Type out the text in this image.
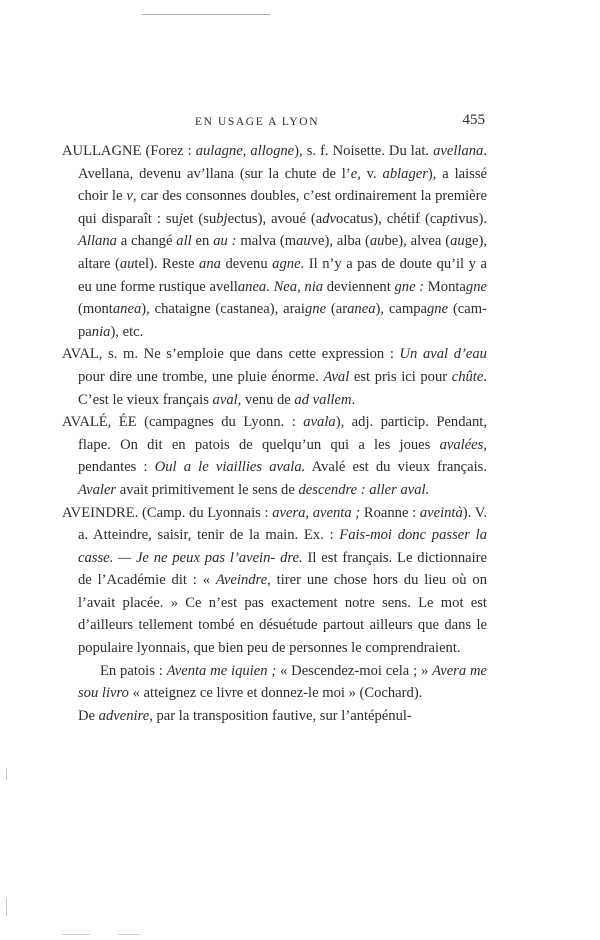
EN USAGE A LYON	455

AULLAGNE (Forez : aulagne, allogne), s. f. Noisette. Du lat. avellana. Avellana, devenu av’llana (sur la chute de l’e, v. ablager), a laissé choir le v, car des consonnes doubles, c’est ordinairement la première qui disparaît : sujet (subjectus), avoué (advocatus), chétif (captivus). Allana a changé all en au : malva (mauve), alba (aube), alvea (auge), altare (autel). Reste ana devenu agne. Il n’y a pas de doute qu’il y a eu une forme rustique avellanea. Nea, nia deviennent gne : Montagne (montanea), chataigne (castanea), araigne (aranea), campagne (cam- pania), etc.

AVAL, s. m. Ne s’emploie que dans cette expression : Un aval d’eau pour dire une trombe, une pluie énorme. Aval est pris ici pour chûte. C’est le vieux français aval, venu de ad vallem.

AVALÉ, ÉE (campagnes du Lyonn. : avala), adj. particip. Pendant, flape. On dit en patois de quelqu’un qui a les joues avalées, pendantes : Oul a le viaillies avala. Avalé est du vieux français. Avaler avait primitivement le sens de descendre : aller aval.

AVEINDRE. (Camp. du Lyonnais : avera, aventa ; Roanne : aveintà). V. a. Atteindre, saisir, tenir de la main. Ex. : Fais-moi donc passer la casse. — Je ne peux pas l’avein- dre. Il est français. Le dictionnaire de l’Académie dit : « Aveindre, tirer une chose hors du lieu où on l’avait placée. » Ce n’est pas exactement notre sens. Le mot est d’ailleurs tellement tombé en désuétude partout ailleurs que dans le populaire lyonnais, que bien peu de personnes le comprendraient.

En patois : Aventa me iquien ; « Descendez-moi cela ; » Avera me sou livro « atteignez ce livre et donnez-le moi » (Cochard).

De advenire, par la transposition fautive, sur l’antépénul-
